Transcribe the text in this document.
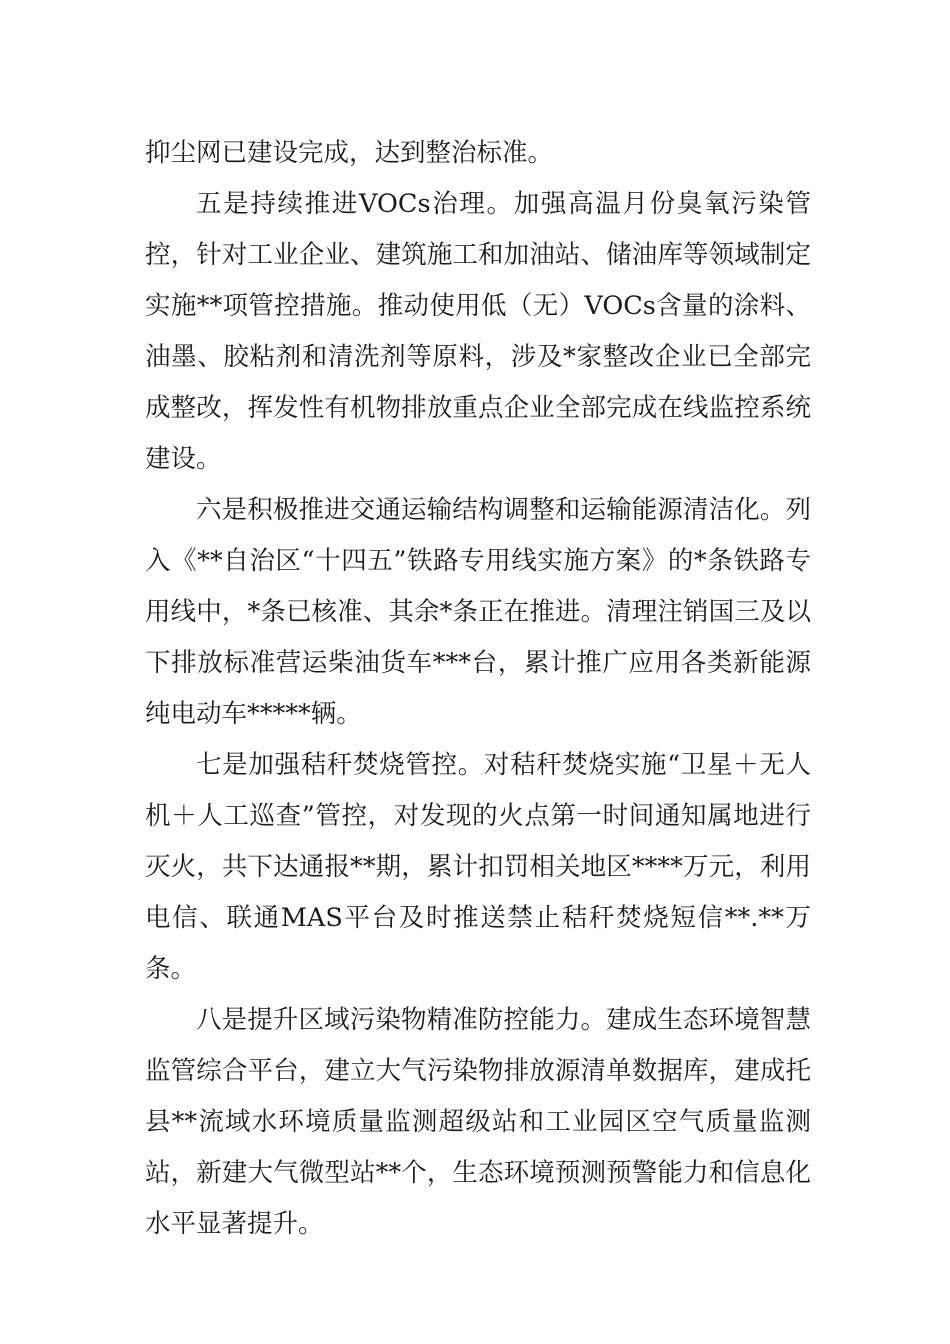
抑尘网已建设完成，达到整治标准。

五是持续推进VOCs治理。加强高温月份臭氧污染管控，针对工业企业、建筑施工和加油站、储油库等领域制定实施**项管控措施。推动使用低（无）VOCs含量的涂料、油墨、胶粘剂和清洗剂等原料，涉及*家整改企业已全部完成整改，挥发性有机物排放重点企业全部完成在线监控系统建设。

六是积极推进交通运输结构调整和运输能源清洁化。列入《**自治区“十四五”铁路专用线实施方案》的*条铁路专用线中，*条已核准、其余*条正在推进。清理注销国三及以下排放标准营运柴油货车***台，累计推广应用各类新能源纯电动车*****辆。

七是加强秸秆焚烧管控。对秸秆焚烧实施“卫星＋无人机＋人工巡查”管控，对发现的火点第一时间通知属地进行灭火，共下达通报**期，累计扣罚相关地区****万元，利用电信、联通MAS平台及时推送禁止秸秆焚烧短信**.**万条。

八是提升区域污染物精准防控能力。建成生态环境智慧监管综合平台，建立大气污染物排放源清单数据库，建成托县**流域水环境质量监测超级站和工业园区空气质量监测站，新建大气微型站**个，生态环境预测预警能力和信息化水平显著提升。
